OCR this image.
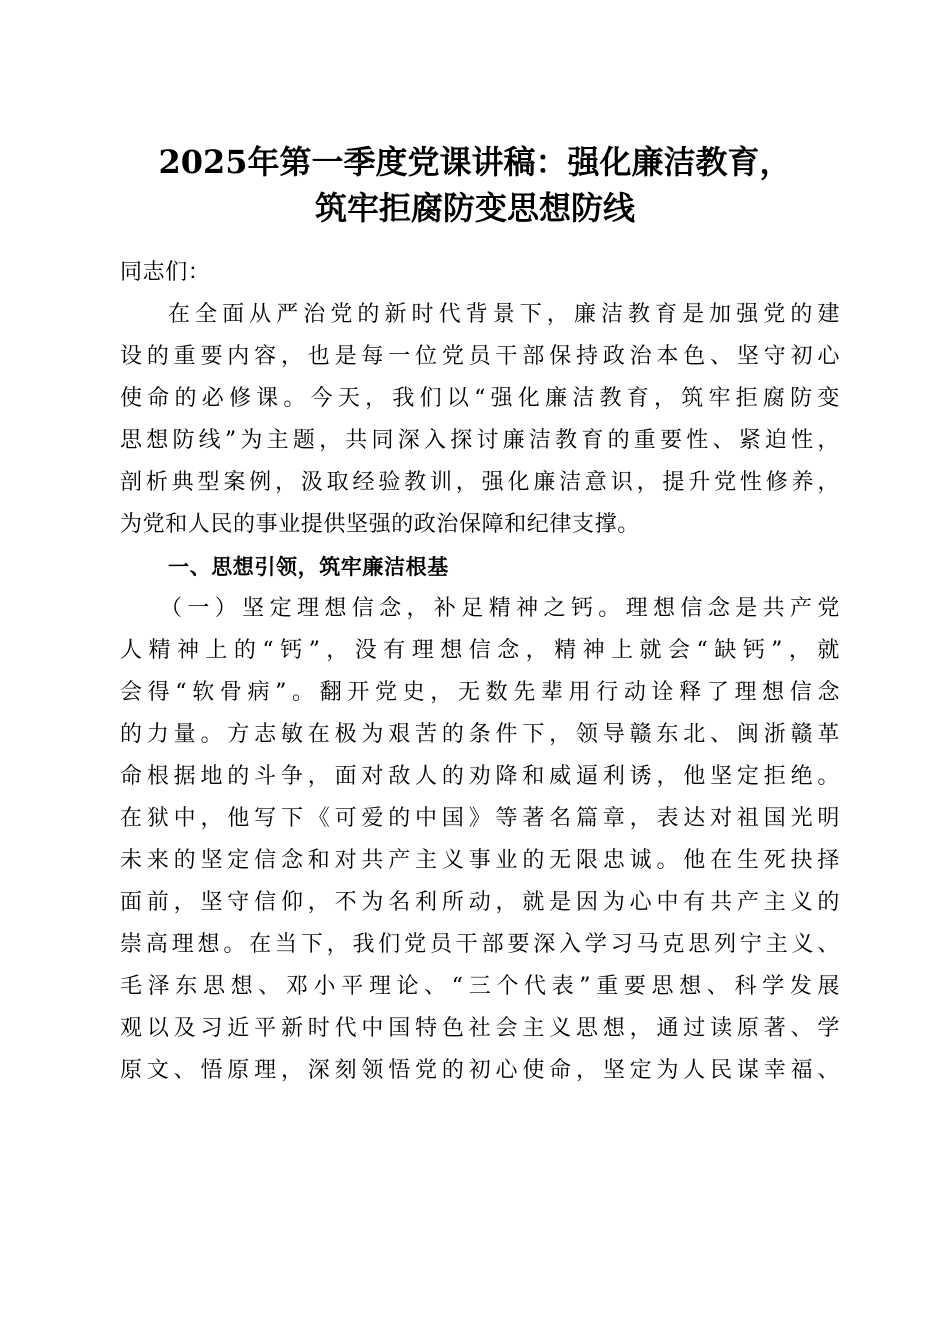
2025年第一季度党课讲稿：强化廉洁教育，
筑牢拒腐防变思想防线
同志们：
在全面从严治党的新时代背景下，廉洁教育是加强党的建
设的重要内容，也是每一位党员干部保持政治本色、坚守初心
使命的必修课。今天，我们以“强化廉洁教育，筑牢拒腐防变
思想防线”为主题，共同深入探讨廉洁教育的重要性、紧迫性，
剖析典型案例，汲取经验教训，强化廉洁意识，提升党性修养，
为党和人民的事业提供坚强的政治保障和纪律支撑。
一、思想引领，筑牢廉洁根基
（一）坚定理想信念，补足精神之钙。理想信念是共产党
人精神上的“钙”，没有理想信念，精神上就会“缺钙”，就
会得“软骨病”。翻开党史，无数先辈用行动诠释了理想信念
的力量。方志敏在极为艰苦的条件下，领导赣东北、闽浙赣革
命根据地的斗争，面对敌人的劝降和威逼利诱，他坚定拒绝。
在狱中，他写下《可爱的中国》等著名篇章，表达对祖国光明
未来的坚定信念和对共产主义事业的无限忠诚。他在生死抉择
面前，坚守信仰，不为名利所动，就是因为心中有共产主义的
崇高理想。在当下，我们党员干部要深入学习马克思列宁主义、
毛泽东思想、邓小平理论、“三个代表”重要思想、科学发展
观以及习近平新时代中国特色社会主义思想，通过读原著、学
原文、悟原理，深刻领悟党的初心使命，坚定为人民谋幸福、
